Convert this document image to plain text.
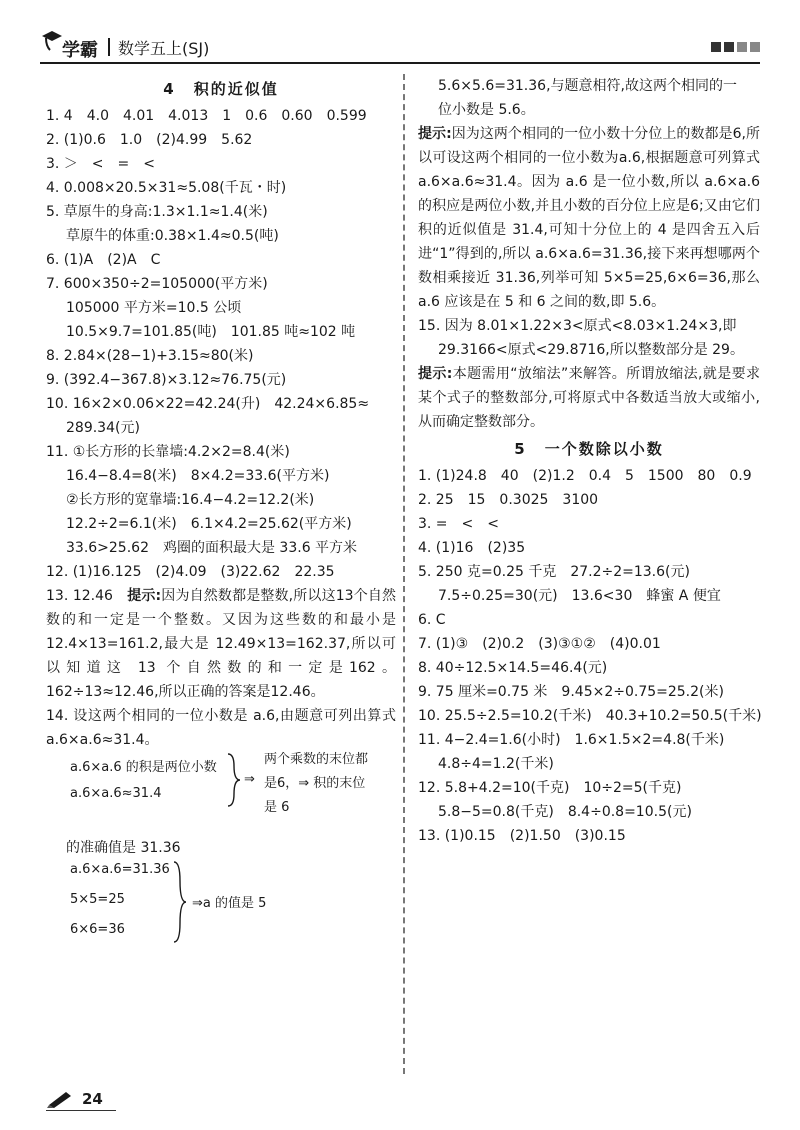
学霸 数学五上(SJ)
4 积的近似值
1. 4　4.0　4.01　4.013　1　0.6　0.60　0.599
2. (1)0.6　1.0　(2)4.99　5.62
3. ＞　<　=　<
4. 0.008×20.5×31≈5.08(千瓦・时)
5. 草原牛的身高:1.3×1.1≈1.4(米)
草原牛的体重:0.38×1.4≈0.5(吨)
6. (1)A　(2)A　C
7. 600×350÷2=105000(平方米)
105000 平方米=10.5 公顷
10.5×9.7=101.85(吨)　101.85 吨≈102 吨
8. 2.84×(28−1)+3.15≈80(米)
9. (392.4−367.8)×3.12≈76.75(元)
10. 16×2×0.06×22=42.24(升)　42.24×6.85≈
289.34(元)
11. ①长方形的长靠墙:4.2×2=8.4(米)
16.4−8.4=8(米)　8×4.2=33.6(平方米)
②长方形的宽靠墙:16.4−4.2=12.2(米)
12.2÷2=6.1(米)　6.1×4.2=25.62(平方米)
33.6>25.62　鸡圈的面积最大是 33.6 平方米
12. (1)16.125　(2)4.09　(3)22.62　22.35
13. 12.46　提示:因为自然数都是整数,所以这13个自然数的和一定是一个整数。又因为这些数的和最小是 12.4×13=161.2,最大是 12.49×13=162.37,所以可以知道这 13 个自然数的和一定是162。162÷13≈12.46,所以正确的答案是12.46。
14. 设这两个相同的一位小数是 a.6,由题意可列出算式 a.6×a.6≈31.4。
a.6×a.6 的积是两位小数
a.6×a.6≈31.4
⇒
两个乘数的末位都是6，⇒ 积的末位是 6
的准确值是 31.36
a.6×a.6=31.36
5×5=25
6×6=36
⇒a 的值是 5
5.6×5.6=31.36,与题意相符,故这两个相同的一
位小数是 5.6。
提示:因为这两个相同的一位小数十分位上的数都是6,所以可设这两个相同的一位小数为a.6,根据题意可列算式 a.6×a.6≈31.4。因为 a.6 是一位小数,所以 a.6×a.6 的积应是两位小数,并且小数的百分位上应是6;又由它们积的近似值是 31.4,可知十分位上的 4 是四舍五入后进“1”得到的,所以 a.6×a.6=31.36,接下来再想哪两个数相乘接近 31.36,列举可知 5×5=25,6×6=36,那么 a.6 应该是在 5 和 6 之间的数,即 5.6。
15. 因为 8.01×1.22×3<原式<8.03×1.24×3,即
29.3166<原式<29.8716,所以整数部分是 29。
提示:本题需用“放缩法”来解答。所谓放缩法,就是要求某个式子的整数部分,可将原式中各数适当放大或缩小,从而确定整数部分。
5 一个数除以小数
1. (1)24.8　40　(2)1.2　0.4　5　1500　80　0.9
2. 25　15　0.3025　3100
3. =　<　<
4. (1)16　(2)35
5. 250 克=0.25 千克　27.2÷2=13.6(元)
7.5÷0.25=30(元)　13.6<30　蜂蜜 A 便宜
6. C
7. (1)③　(2)0.2　(3)③①②　(4)0.01
8. 40÷12.5×14.5=46.4(元)
9. 75 厘米=0.75 米　9.45×2÷0.75=25.2(米)
10. 25.5÷2.5=10.2(千米)　40.3+10.2=50.5(千米)
11. 4−2.4=1.6(小时)　1.6×1.5×2=4.8(千米)
4.8÷4=1.2(千米)
12. 5.8+4.2=10(千克)　10÷2=5(千克)
5.8−5=0.8(千克)　8.4÷0.8=10.5(元)
13. (1)0.15　(2)1.50　(3)0.15
24
